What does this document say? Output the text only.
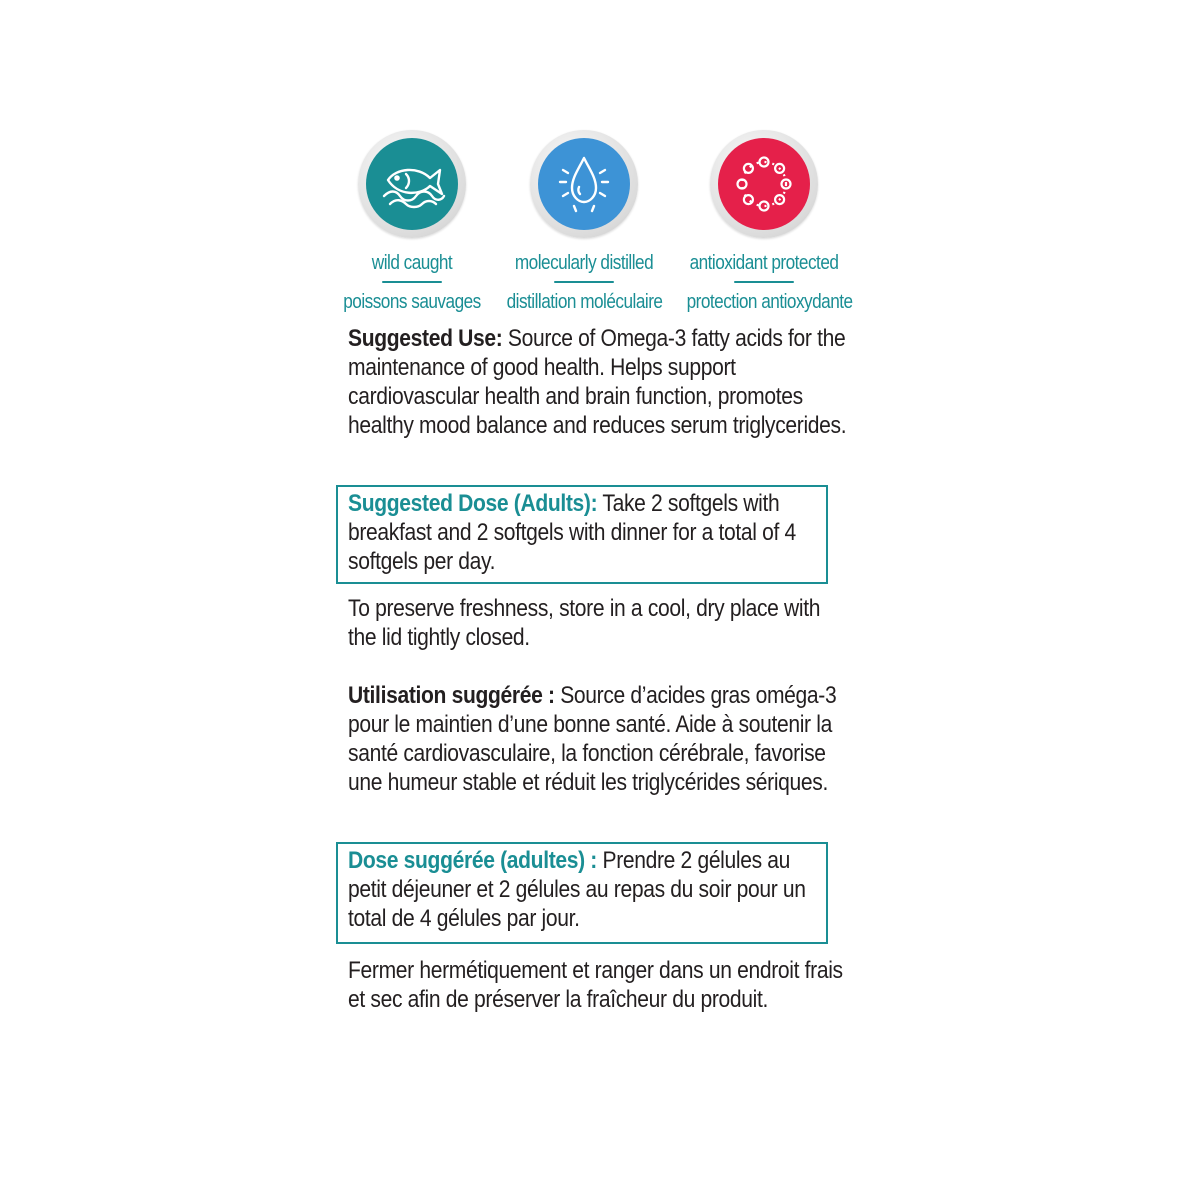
wild caught
poissons sauvages
molecularly distilled
distillation moléculaire
antioxidant protected
protection antioxydante
Suggested Use: Source of Omega-3 fatty acids for the maintenance of good health. Helps support cardiovascular health and brain function, promotes healthy mood balance and reduces serum triglycerides.
Suggested Dose (Adults): Take 2 softgels with breakfast and 2 softgels with dinner for a total of 4 softgels per day.
To preserve freshness, store in a cool, dry place with the lid tightly closed.
Utilisation suggérée : Source d’acides gras oméga-3 pour le maintien d’une bonne santé. Aide à soutenir la santé cardiovasculaire, la fonction cérébrale, favorise une humeur stable et réduit les triglycérides sériques.
Dose suggérée (adultes) : Prendre 2 gélules au petit déjeuner et 2 gélules au repas du soir pour un total de 4 gélules par jour.
Fermer hermétiquement et ranger dans un endroit frais et sec afin de préserver la fraîcheur du produit.
